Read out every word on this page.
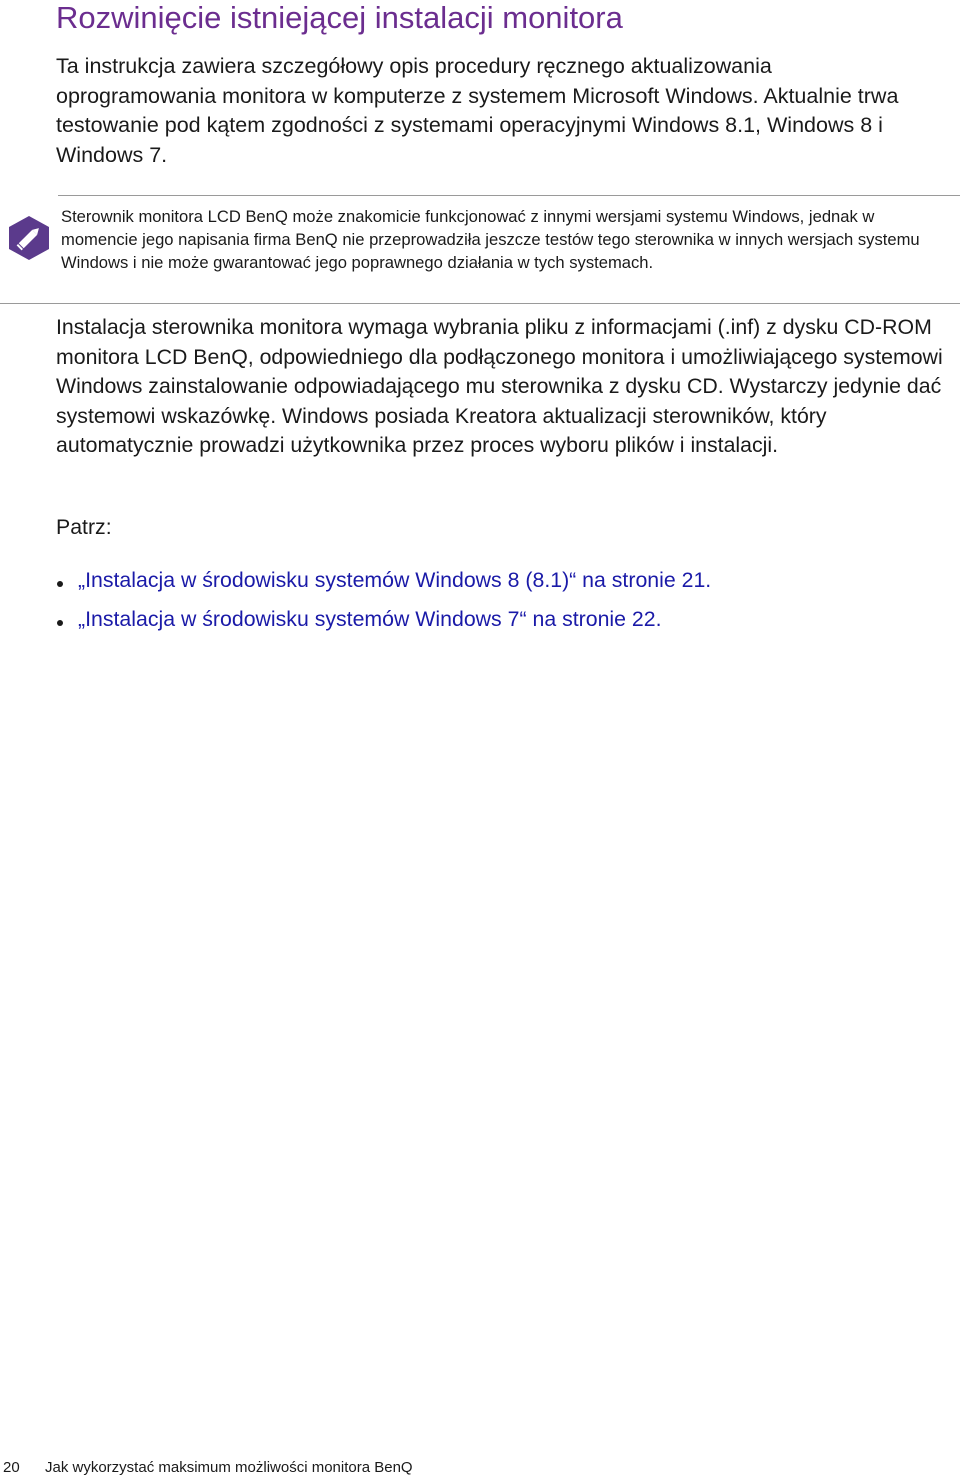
Rozwinięcie istniejącej instalacji monitora

Ta instrukcja zawiera szczegółowy opis procedury ręcznego aktualizowania oprogramowania monitora w komputerze z systemem Microsoft Windows. Aktualnie trwa testowanie pod kątem zgodności z systemami operacyjnymi Windows 8.1, Windows 8 i Windows 7.

Sterownik monitora LCD BenQ może znakomicie funkcjonować z innymi wersjami systemu Windows, jednak w momencie jego napisania firma BenQ nie przeprowadziła jeszcze testów tego sterownika w innych wersjach systemu Windows i nie może gwarantować jego poprawnego działania w tych systemach.

Instalacja sterownika monitora wymaga wybrania pliku z informacjami (.inf) z dysku CD-ROM monitora LCD BenQ, odpowiedniego dla podłączonego monitora i umożliwiającego systemowi Windows zainstalowanie odpowiadającego mu sterownika z dysku CD. Wystarczy jedynie dać systemowi wskazówkę. Windows posiada Kreatora aktualizacji sterowników, który automatycznie prowadzi użytkownika przez proces wyboru plików i instalacji.

Patrz:

„Instalacja w środowisku systemów Windows 8 (8.1)“ na stronie 21.
„Instalacja w środowisku systemów Windows 7“ na stronie 22.
20 Jak wykorzystać maksimum możliwości monitora BenQ
